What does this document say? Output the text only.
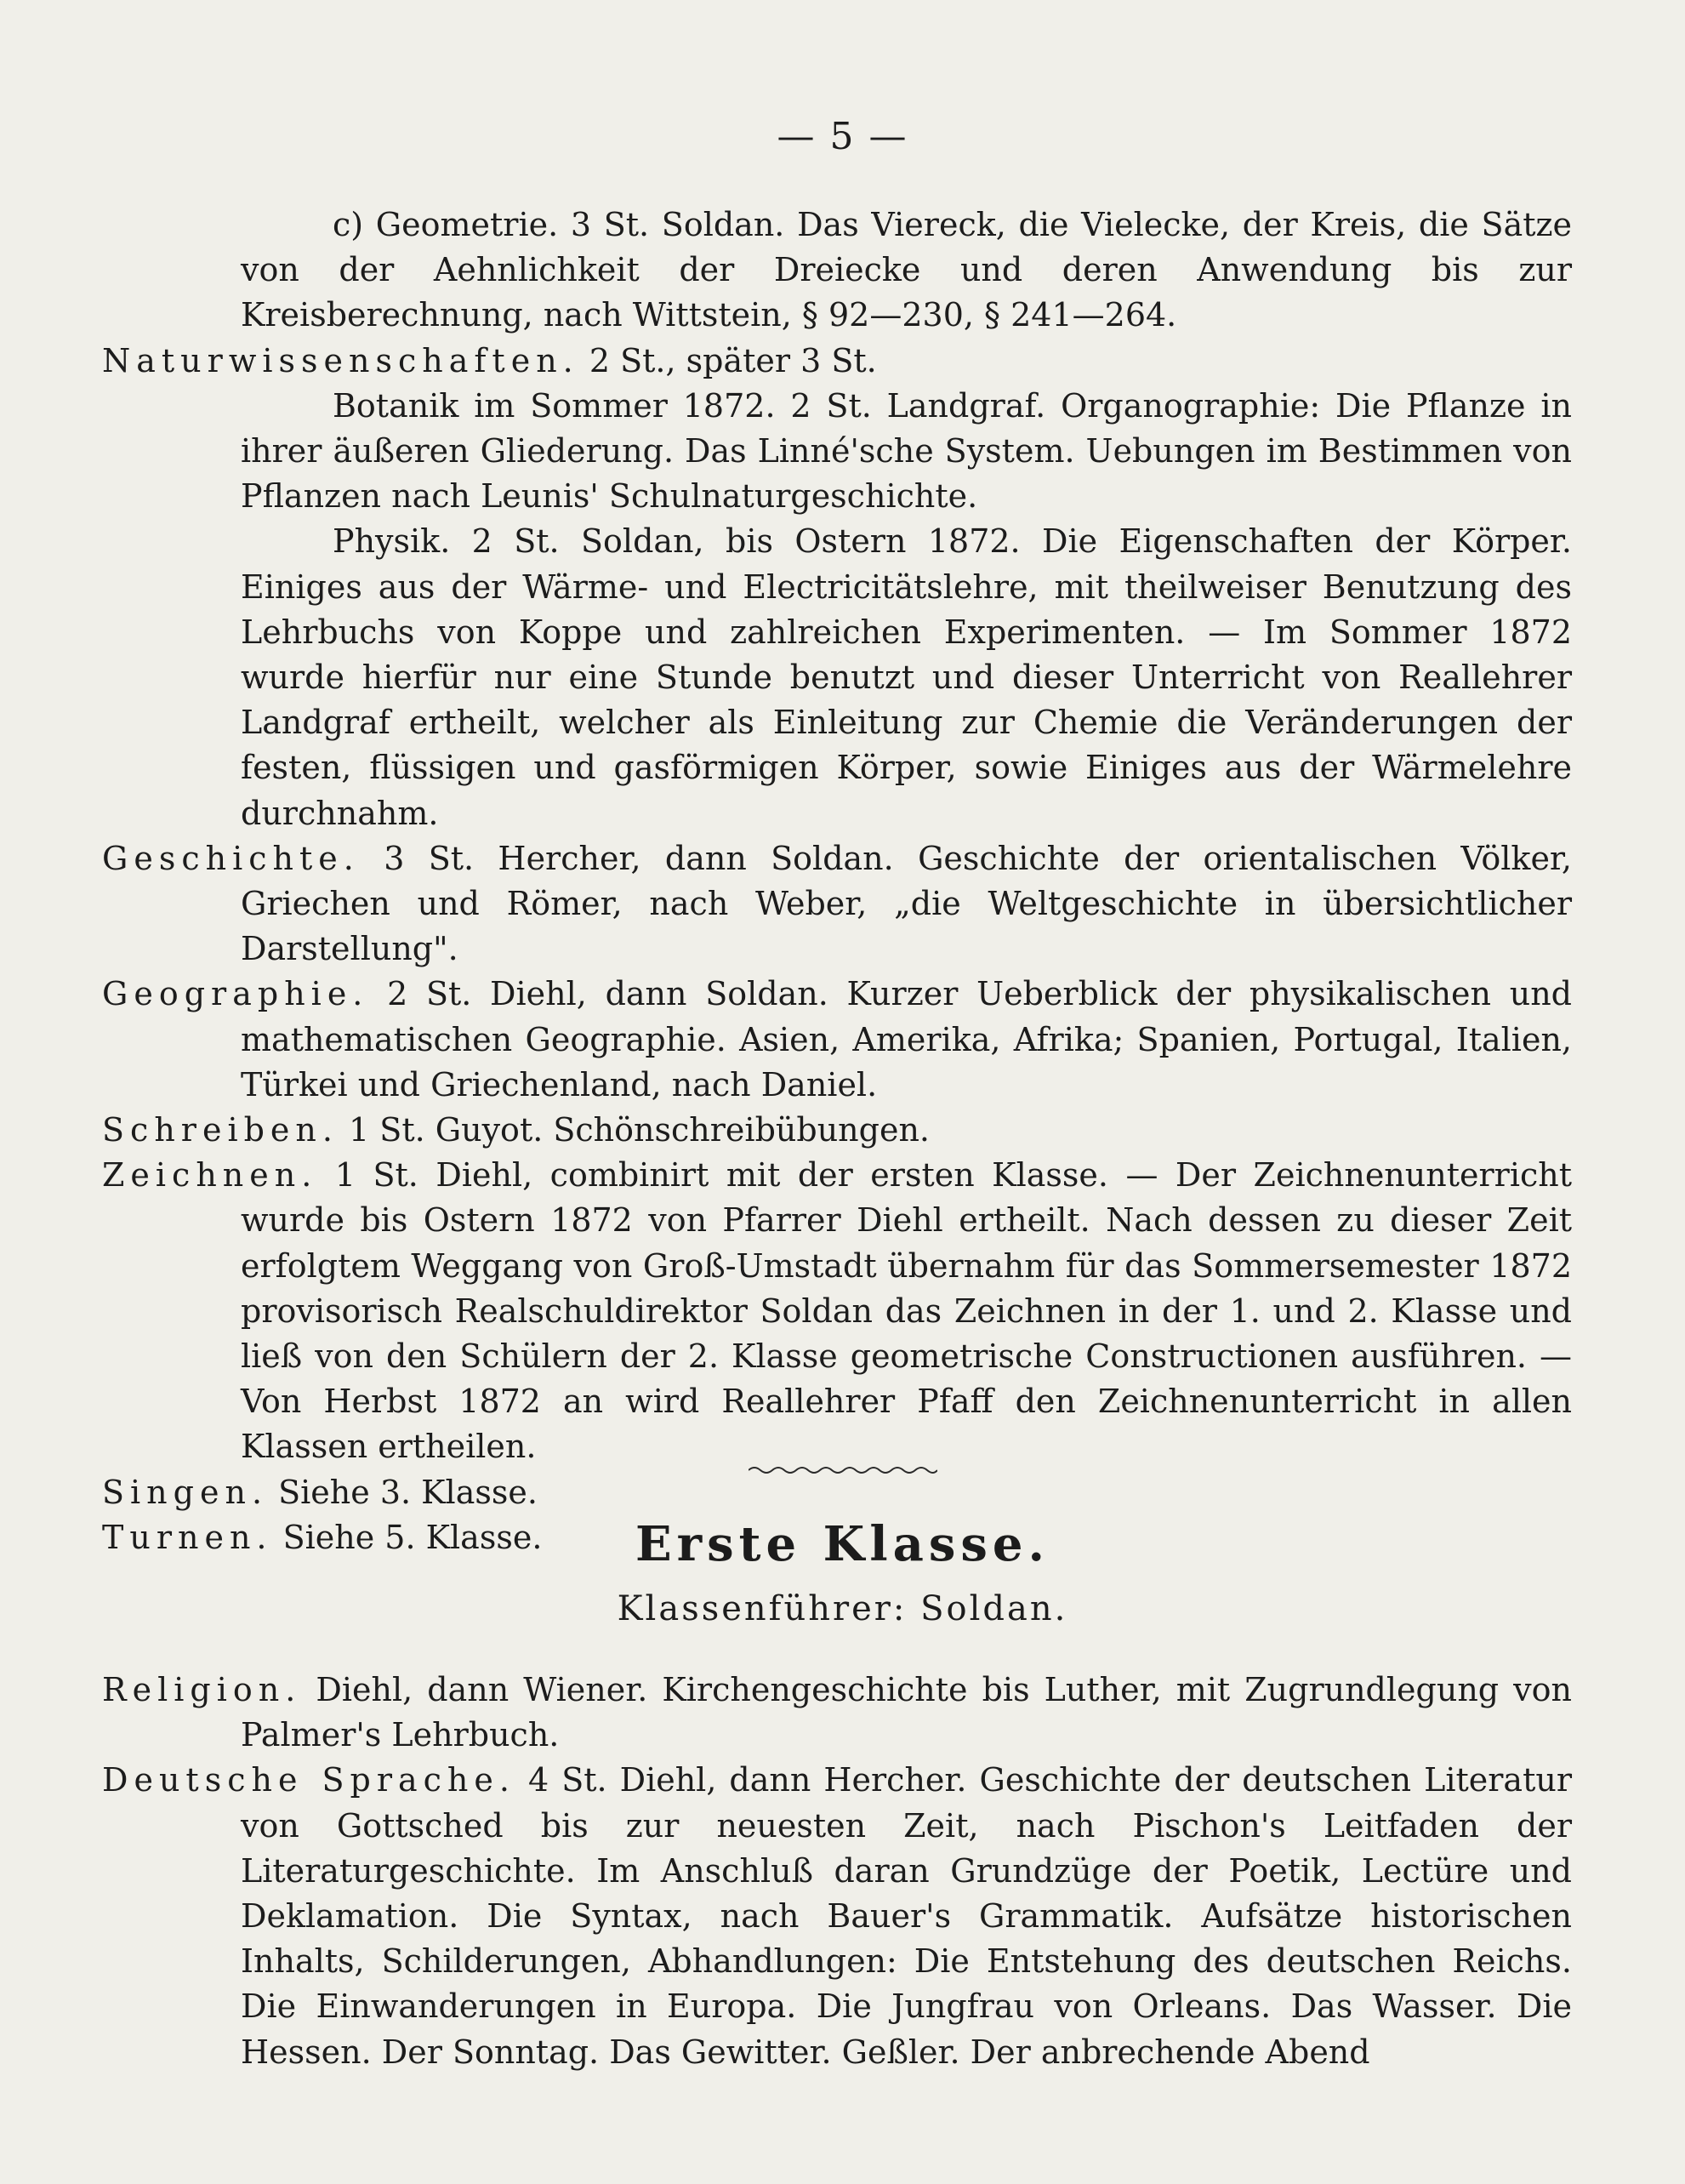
— 5 —

c) Geometrie. 3 St. Soldan. Das Viereck, die Vielecke, der Kreis, die Sätze von der Aehnlichkeit der Dreiecke und deren Anwendung bis zur Kreisberechnung, nach Wittstein, § 92—230, § 241—264.

Naturwissenschaften. 2 St., später 3 St.

Botanik im Sommer 1872. 2 St. Landgraf. Organographie: Die Pflanze in ihrer äußeren Gliederung. Das Linné'sche System. Uebungen im Bestimmen von Pflanzen nach Leunis' Schulnaturgeschichte.

Physik. 2 St. Soldan, bis Ostern 1872. Die Eigenschaften der Körper. Einiges aus der Wärme- und Electricitätslehre, mit theilweiser Benutzung des Lehrbuchs von Koppe und zahlreichen Experimenten. — Im Sommer 1872 wurde hierfür nur eine Stunde benutzt und dieser Unterricht von Reallehrer Landgraf ertheilt, welcher als Einleitung zur Chemie die Veränderungen der festen, flüssigen und gasförmigen Körper, sowie Einiges aus der Wärmelehre durchnahm.

Geschichte. 3 St. Hercher, dann Soldan. Geschichte der orientalischen Völker, Griechen und Römer, nach Weber, „die Weltgeschichte in übersichtlicher Darstellung".

Geographie. 2 St. Diehl, dann Soldan. Kurzer Ueberblick der physikalischen und mathematischen Geographie. Asien, Amerika, Afrika; Spanien, Portugal, Italien, Türkei und Griechenland, nach Daniel.

Schreiben. 1 St. Guyot. Schönschreibübungen.

Zeichnen. 1 St. Diehl, combinirt mit der ersten Klasse. — Der Zeichnenunterricht wurde bis Ostern 1872 von Pfarrer Diehl ertheilt. Nach dessen zu dieser Zeit erfolgtem Weggang von Groß-Umstadt übernahm für das Sommersemester 1872 provisorisch Realschuldirektor Soldan das Zeichnen in der 1. und 2. Klasse und ließ von den Schülern der 2. Klasse geometrische Constructionen ausführen. — Von Herbst 1872 an wird Reallehrer Pfaff den Zeichnenunterricht in allen Klassen ertheilen.

Singen. Siehe 3. Klasse.

Turnen. Siehe 5. Klasse.	Erste Klasse.
Klassenführer: Soldan.

Religion. Diehl, dann Wiener. Kirchengeschichte bis Luther, mit Zugrundlegung von Palmer's Lehrbuch.

Deutsche Sprache. 4 St. Diehl, dann Hercher. Geschichte der deutschen Literatur von Gottsched bis zur neuesten Zeit, nach Pischon's Leitfaden der Literaturgeschichte. Im Anschluß daran Grundzüge der Poetik, Lectüre und Deklamation. Die Syntax, nach Bauer's Grammatik. Aufsätze historischen Inhalts, Schilderungen, Abhandlungen: Die Entstehung des deutschen Reichs. Die Einwanderungen in Europa. Die Jungfrau von Orleans. Das Wasser. Die Hessen. Der Sonntag. Das Gewitter. Geßler. Der anbrechende Abend
